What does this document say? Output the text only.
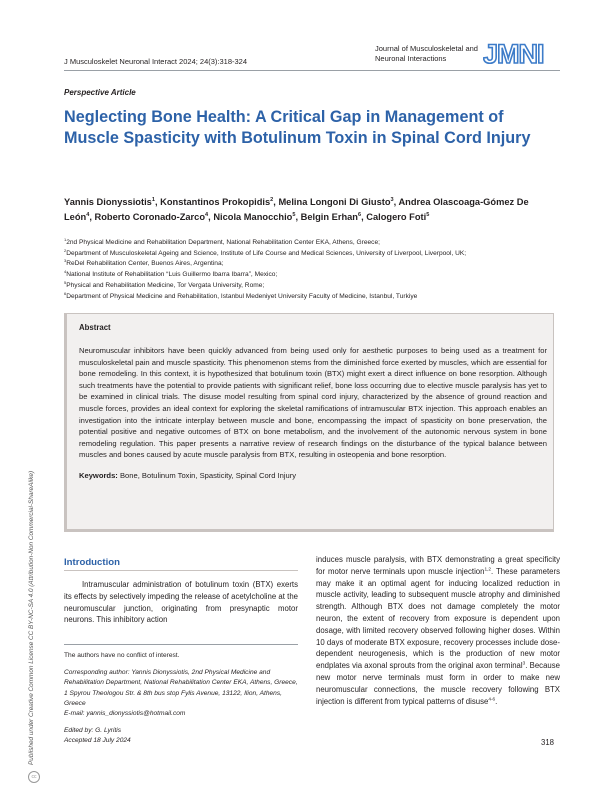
J Musculoskelet Neuronal Interact 2024; 24(3):318-324
Journal of Musculoskeletal and Neuronal Interactions	JMNI
Perspective Article
Neglecting Bone Health: A Critical Gap in Management of Muscle Spasticity with Botulinum Toxin in Spinal Cord Injury
Yannis Dionyssiotis$^1$, Konstantinos Prokopidis$^2$, Melina Longoni Di Giusto$^3$, Andrea Olascoaga-Gómez De León$^4$, Roberto Coronado-Zarco$^4$, Nicola Manocchio$^5$, Belgin Erhan$^6$, Calogero Foti$^5$
$^1$2nd Physical Medicine and Rehabilitation Department, National Rehabilitation Center EKA, Athens, Greece;
$^2$Department of Musculoskeletal Ageing and Science, Institute of Life Course and Medical Sciences, University of Liverpool, Liverpool, UK;
$^3$ReDel Rehabilitation Center, Buenos Aires, Argentina;
$^4$National Institute of Rehabilitation “Luis Guillermo Ibarra Ibarra”, Mexico;
$^5$Physical and Rehabilitation Medicine, Tor Vergata University, Rome;
$^6$Department of Physical Medicine and Rehabilitation, Istanbul Medeniyet University Faculty of Medicine, Istanbul, Turkiye
Abstract
Neuromuscular inhibitors have been quickly advanced from being used only for aesthetic purposes to being used as a treatment for musculoskeletal pain and muscle spasticity. This phenomenon stems from the diminished force exerted by muscles, which are essential for bone remodeling. In this context, it is hypothesized that botulinum toxin (BTX) might exert a direct influence on bone resorption. Although such treatments have the potential to provide patients with significant relief, bone loss occurring due to elective muscle paralysis has yet to be examined in clinical trials. The disuse model resulting from spinal cord injury, characterized by the absence of ground reaction and muscle forces, provides an ideal context for exploring the skeletal ramifications of intramuscular BTX injection. This approach enables an investigation into the intricate interplay between muscle and bone, encompassing the impact of spasticity on bone preservation, the potential positive and negative outcomes of BTX on bone metabolism, and the involvement of the autonomic nervous system in bone remodeling regulation. This paper presents a narrative review of research findings on the disturbance of the typical balance between muscles and bones caused by acute muscle paralysis from BTX, resulting in osteopenia and bone resorption.
Keywords: Bone, Botulinum Toxin, Spasticity, Spinal Cord Injury
Published under Creative Common License CC BY-NC-SA 4.0 (Attribution-Non Commercial-ShareAlike)
cc
Introduction
Intramuscular administration of botulinum toxin (BTX) exerts its effects by selectively impeding the release of acetylcholine at the neuromuscular junction, originating from presynaptic motor neurons. This inhibitory action
induces muscle paralysis, with BTX demonstrating a great specificity for motor nerve terminals upon muscle injection$^{1,2}$. These parameters may make it an optimal agent for inducing localized reduction in muscle activity, leading to subsequent muscle atrophy and diminished strength. Although BTX does not damage completely the motor neuron, the extent of recovery from exposure is dependent upon dosage, with limited recovery observed following higher doses. Within 10 days of moderate BTX exposure, recovery processes include dose-dependent neurogenesis, which is the production of new motor endplates via axonal sprouts from the original axon terminal$^3$. Because new motor nerve terminals must form in order to make new neuromuscular connections, the muscle recovery following BTX injection is different from typical patterns of disuse$^{4-6}$.
The authors have no conflict of interest.
Corresponding author: Yannis Dionyssiotis, 2nd Physical Medicine and Rehabilitation Department, National Rehabilitation Center EKA, Athens, Greece, 1 Spyrou Theologou Str. & 8th bus stop Fylis Avenue, 13122, Ilion, Athens, Greece
E-mail: yannis_dionyssiotis@hotmail.com
Edited by: G. Lyritis
Accepted 18 July 2024	318
